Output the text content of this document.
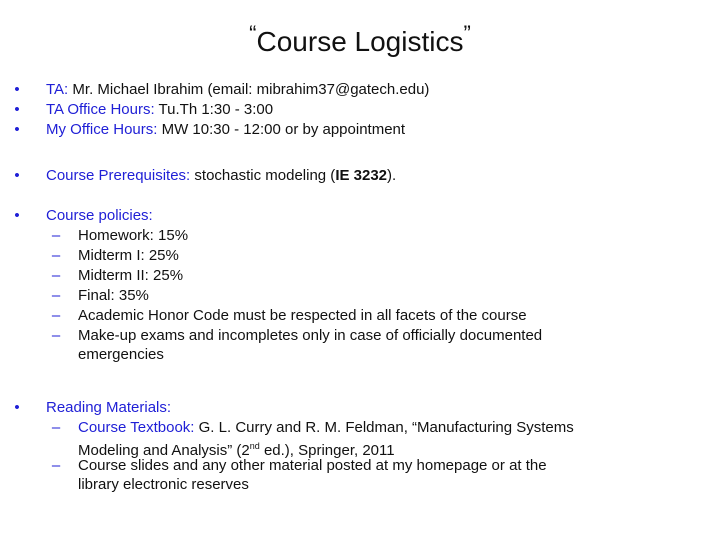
“Course Logistics”
• TA: Mr. Michael Ibrahim (email: mibrahim37@gatech.edu)
• TA Office Hours: Tu.Th 1:30 - 3:00
• My Office Hours: MW 10:30 - 12:00 or by appointment
• Course Prerequisites: stochastic modeling (IE 3232).
• Course policies:
–	Homework: 15%
–	Midterm I: 25%
–	Midterm II: 25%
–	Final: 35%
–	Academic Honor Code must be respected in all facets of the course
–	Make-up exams and incompletes only in case of officially documented
emergencies
• Reading Materials:
–	Course Textbook: G. L. Curry and R. M. Feldman, “Manufacturing Systems
Modeling and Analysis” (2nd ed.), Springer, 2011
–	Course slides and any other material posted at my homepage or at the
library electronic reserves
